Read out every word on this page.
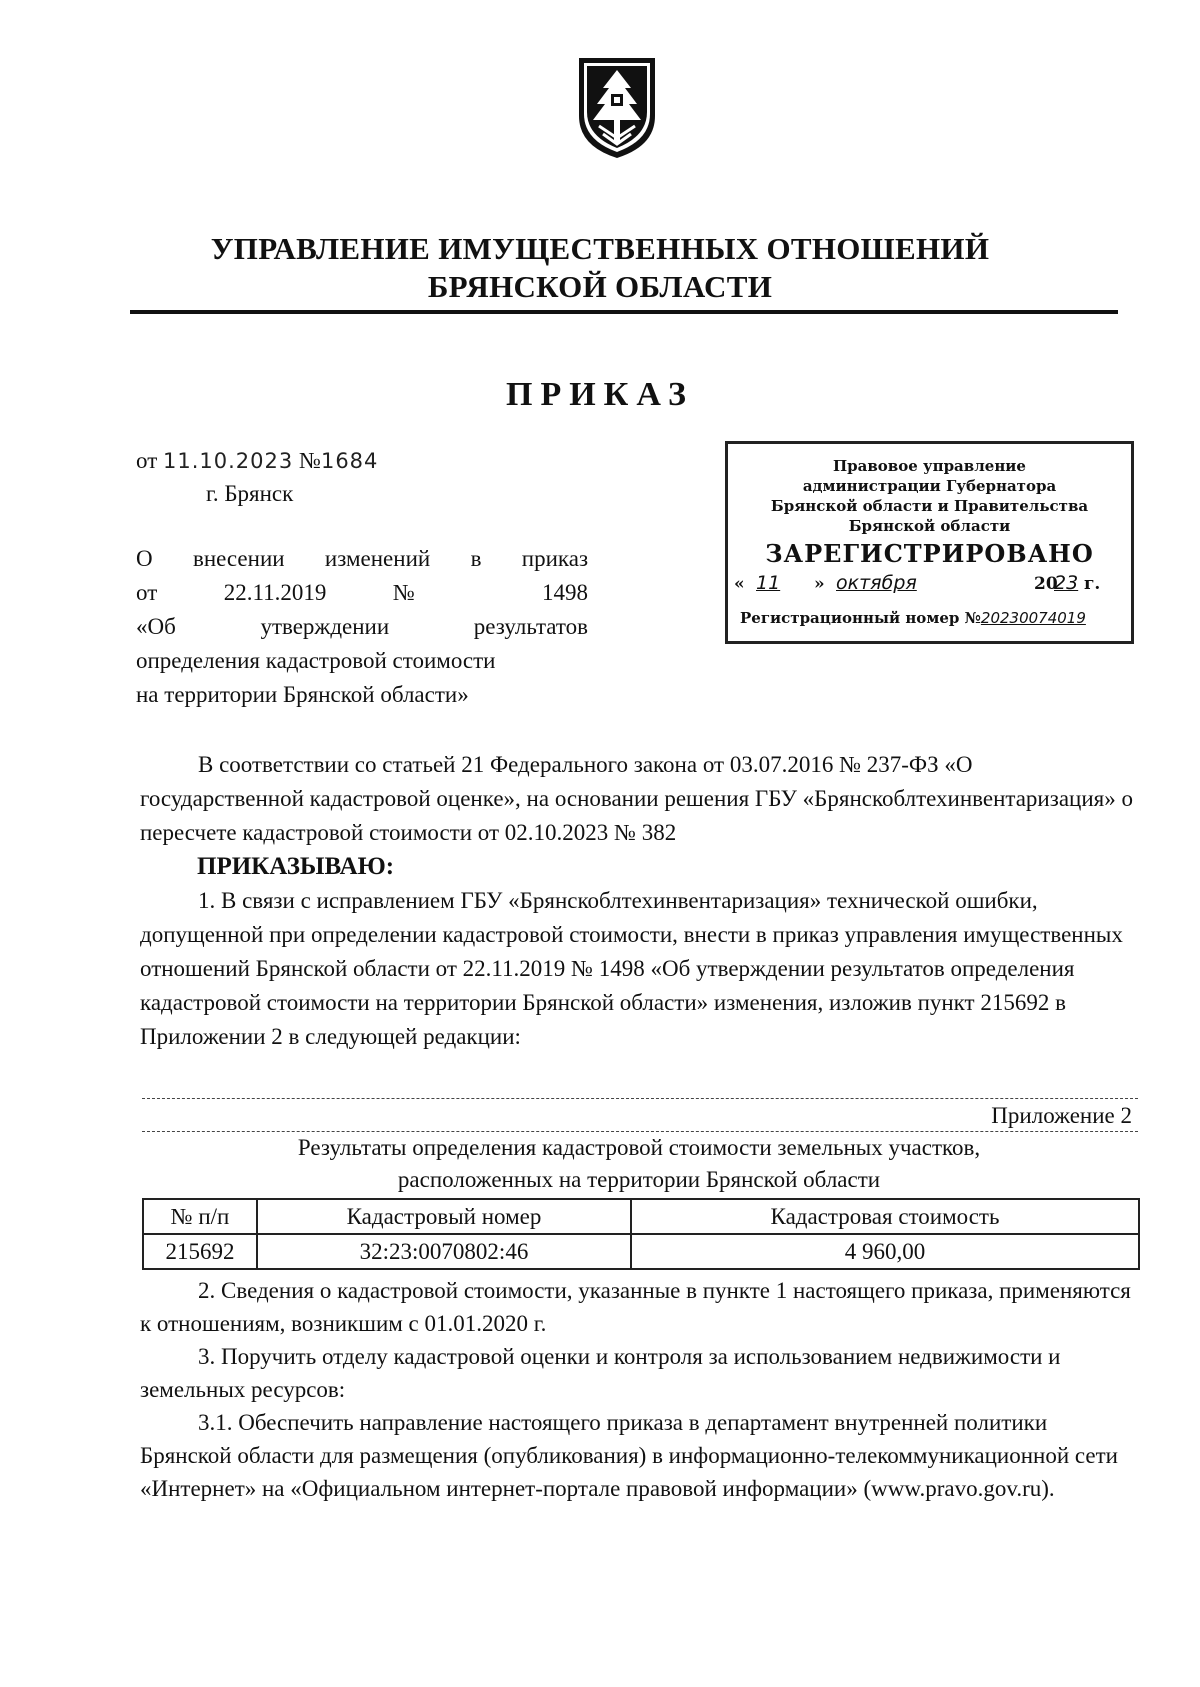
УПРАВЛЕНИЕ ИМУЩЕСТВЕННЫХ ОТНОШЕНИЙ
БРЯНСКОЙ ОБЛАСТИ
ПРИКАЗ
от 11.10.2023 №1684
г. Брянск
О внесении изменений в приказ
от	22.11.2019	№	1498
«Об	утверждении	результатов
определения кадастровой стоимости
на территории Брянской области»
Правовое управление
администрации Губернатора
Брянской области и Правительства
Брянской области
ЗАРЕГИСТРИРОВАНО
« 11 » октября	20
23 г.
Регистрационный номер №20230074019

В соответствии со статьей 21 Федерального закона от 03.07.2016 № 237-ФЗ «О государственной кадастровой оценке», на основании решения ГБУ «Брянскоблтехинвентаризация» о пересчете кадастровой стоимости от 02.10.2023 № 382

ПРИКАЗЫВАЮ:

1. В связи с исправлением ГБУ «Брянскоблтехинвентаризация» технической ошибки, допущенной при определении кадастровой стоимости, внести в приказ управления имущественных отношений Брянской области от 22.11.2019 № 1498 «Об утверждении результатов определения кадастровой стоимости на территории Брянской области» изменения, изложив пункт 215692 в Приложении 2 в следующей редакции:

Приложение 2
Результаты определения кадастровой стоимости земельных участков,
расположенных на территории Брянской области
№ п/п	Кадастровый номер	Кадастровая стоимость
215692	32:23:0070802:46	4 960,00

2. Сведения о кадастровой стоимости, указанные в пункте 1 настоящего приказа, применяются к отношениям, возникшим с 01.01.2020 г.

3. Поручить отделу кадастровой оценки и контроля за использованием недвижимости и земельных ресурсов:

3.1. Обеспечить направление настоящего приказа в департамент внутренней политики Брянской области для размещения (опубликования) в информационно-телекоммуникационной сети «Интернет» на «Официальном интернет-портале правовой информации» (www.pravo.gov.ru).
